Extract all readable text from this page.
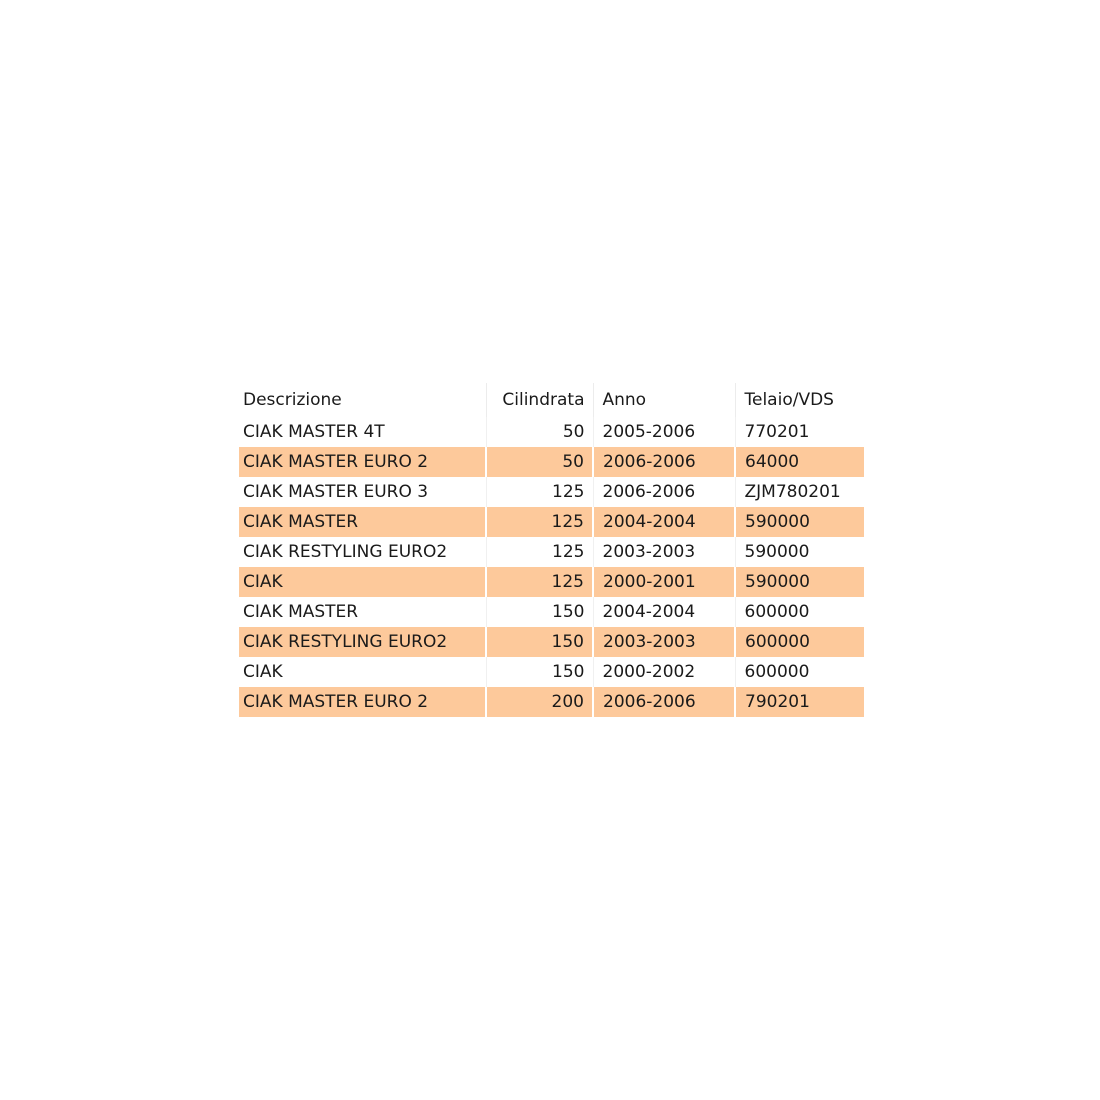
Descrizione	Cilindrata	Anno	Telaio/VDS
CIAK MASTER 4T	50	2005-2006	770201
CIAK MASTER EURO 2	50	2006-2006	64000
CIAK MASTER EURO 3	125	2006-2006	ZJM780201
CIAK MASTER	125	2004-2004	590000
CIAK RESTYLING EURO2	125	2003-2003	590000
CIAK	125	2000-2001	590000
CIAK MASTER	150	2004-2004	600000
CIAK RESTYLING EURO2	150	2003-2003	600000
CIAK	150	2000-2002	600000
CIAK MASTER EURO 2	200	2006-2006	790201
